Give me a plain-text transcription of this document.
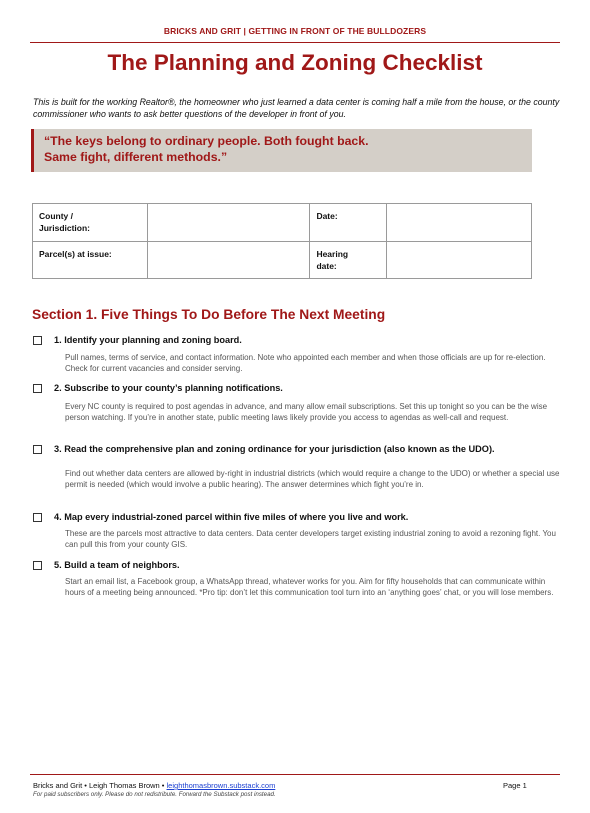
BRICKS AND GRIT | GETTING IN FRONT OF THE BULLDOZERS
The Planning and Zoning Checklist
This is built for the working Realtor®, the homeowner who just learned a data center is coming half a mile from the house, or the county commissioner who wants to ask better questions of the developer in front of you.
“The keys belong to ordinary people. Both fought back.
Same fight, different methods.”
County / Jurisdiction:		Date:	
Parcel(s) at issue:		Hearing date:	
Section 1. Five Things To Do Before The Next Meeting
1. Identify your planning and zoning board.
Pull names, terms of service, and contact information. Note who appointed each member and when those officials are up for re-election. Check for current vacancies and consider serving.
2. Subscribe to your county’s planning notifications.
Every NC county is required to post agendas in advance, and many allow email subscriptions. Set this up tonight so you can be the wise person watching. If you’re in another state, public meeting laws likely provide you access to agendas as well-call and request.
3. Read the comprehensive plan and zoning ordinance for your jurisdiction (also known as the UDO).
Find out whether data centers are allowed by-right in industrial districts (which would require a change to the UDO) or whether a special use permit is needed (which would involve a public hearing). The answer determines which fight you’re in.
4. Map every industrial-zoned parcel within five miles of where you live and work.
These are the parcels most attractive to data centers. Data center developers target existing industrial zoning to avoid a rezoning fight. You can pull this from your county GIS.
5. Build a team of neighbors.
Start an email list, a Facebook group, a WhatsApp thread, whatever works for you. Aim for fifty households that can communicate within hours of a meeting being announced. *Pro tip: don’t let this communication tool turn into an ‘anything goes’ chat, or you will lose members.
Bricks and Grit • Leigh Thomas Brown • leighthomasbrown.substack.com	Page 1
For paid subscribers only. Please do not redistribute. Forward the Substack post instead.
